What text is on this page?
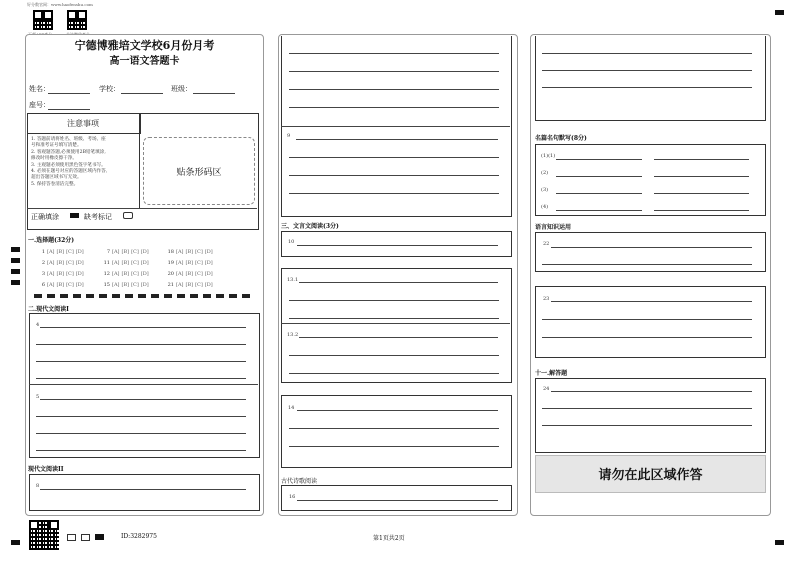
好分数官网：www.haofenshu.com
宁德博雅培文学校6月份月考
高一语文答题卡
姓名：	学校：	班级：
座号：
注意事项
1. 答题前请将姓名、班级、考场、座
号和准考证号填写清楚。
2. 客观题答题,必须使用2B铅笔填涂,
修改时用橡皮擦干净。
3. 主观题必须使用黑色签字笔书写。
4. 必须在题号对应的答题区域内作答,
超出答题区域书写无效。
5. 保持答卷清洁完整。
贴条形码区
正确填涂	缺考标记
一.选择题(32分)
1 [A] [B] [C] [D]	7 [A] [B] [C] [D]	18 [A] [B] [C] [D]
2 [A] [B] [C] [D]	11 [A] [B] [C] [D]	19 [A] [B] [C] [D]
3 [A] [B] [C] [D]	12 [A] [B] [C] [D]	20 [A] [B] [C] [D]
6 [A] [B] [C] [D]	15 [A] [B] [C] [D]	21 [A] [B] [C] [D]
二.现代文阅读I
4
5
现代文阅读II
8
9
三、文言文阅读(3分)
10
13.1
13.2
14
古代诗歌阅读
16
名篇名句默写(8分)
(1)(1)
(2)
(3)
(4)
语言知识运用
22
23
十一.解答题
24
请勿在此区域作答
ID:3282975	第1页共2页
